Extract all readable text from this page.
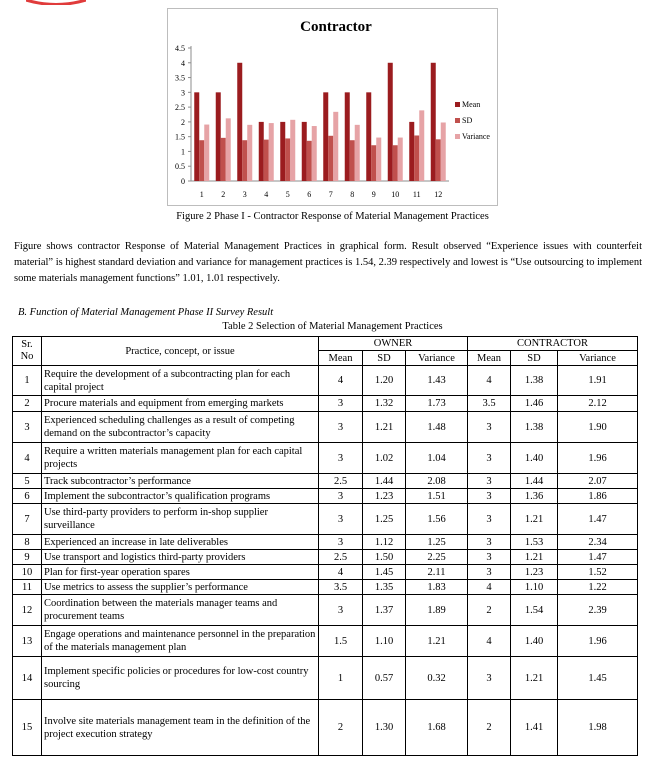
Contractor
0
0.5
1
1.5
2
2.5
3
3.5
4
4.5
1 2 3 4 5 6 7 8 9 10 11 12
Mean
SD
Variance
Figure 2 Phase I - Contractor Response of Material Management Practices
Figure shows contractor Response of Material Management Practices in graphical form. Result observed “Experience issues with counterfeit material” is highest standard deviation and variance for management practices is 1.54, 2.39 respectively and lowest is “Use outsourcing to implement some materials management functions” 1.01, 1.01 respectively.
B. Function of Material Management Phase II Survey Result
Table 2 Selection of Material Management Practices
Sr. No	Practice, concept, or issue	OWNER			CONTRACTOR		
		Mean	SD	Variance	Mean	SD	Variance
1	Require the development of a subcontracting plan for each capital project	4	1.20	1.43	4	1.38	1.91
2	Procure materials and equipment from emerging markets	3	1.32	1.73	3.5	1.46	2.12
3	Experienced scheduling challenges as a result of competing demand on the subcontractor’s capacity	3	1.21	1.48	3	1.38	1.90
4	Require a written materials management plan for each capital projects	3	1.02	1.04	3	1.40	1.96
5	Track subcontractor’s performance	2.5	1.44	2.08	3	1.44	2.07
6	Implement the subcontractor’s qualification programs	3	1.23	1.51	3	1.36	1.86
7	Use third-party providers to perform in-shop supplier surveillance	3	1.25	1.56	3	1.21	1.47
8	Experienced an increase in late deliverables	3	1.12	1.25	3	1.53	2.34
9	Use transport and logistics third-party providers	2.5	1.50	2.25	3	1.21	1.47
10	Plan for first-year operation spares	4	1.45	2.11	3	1.23	1.52
11	Use metrics to assess the supplier’s performance	3.5	1.35	1.83	4	1.10	1.22
12	Coordination between the materials manager teams and procurement teams	3	1.37	1.89	2	1.54	2.39
13	Engage operations and maintenance personnel in the preparation of the materials management plan	1.5	1.10	1.21	4	1.40	1.96
14	Implement specific policies or procedures for low-cost country sourcing	1	0.57	0.32	3	1.21	1.45
15	Involve site materials management team in the definition of the project execution strategy	2	1.30	1.68	2	1.41	1.98
